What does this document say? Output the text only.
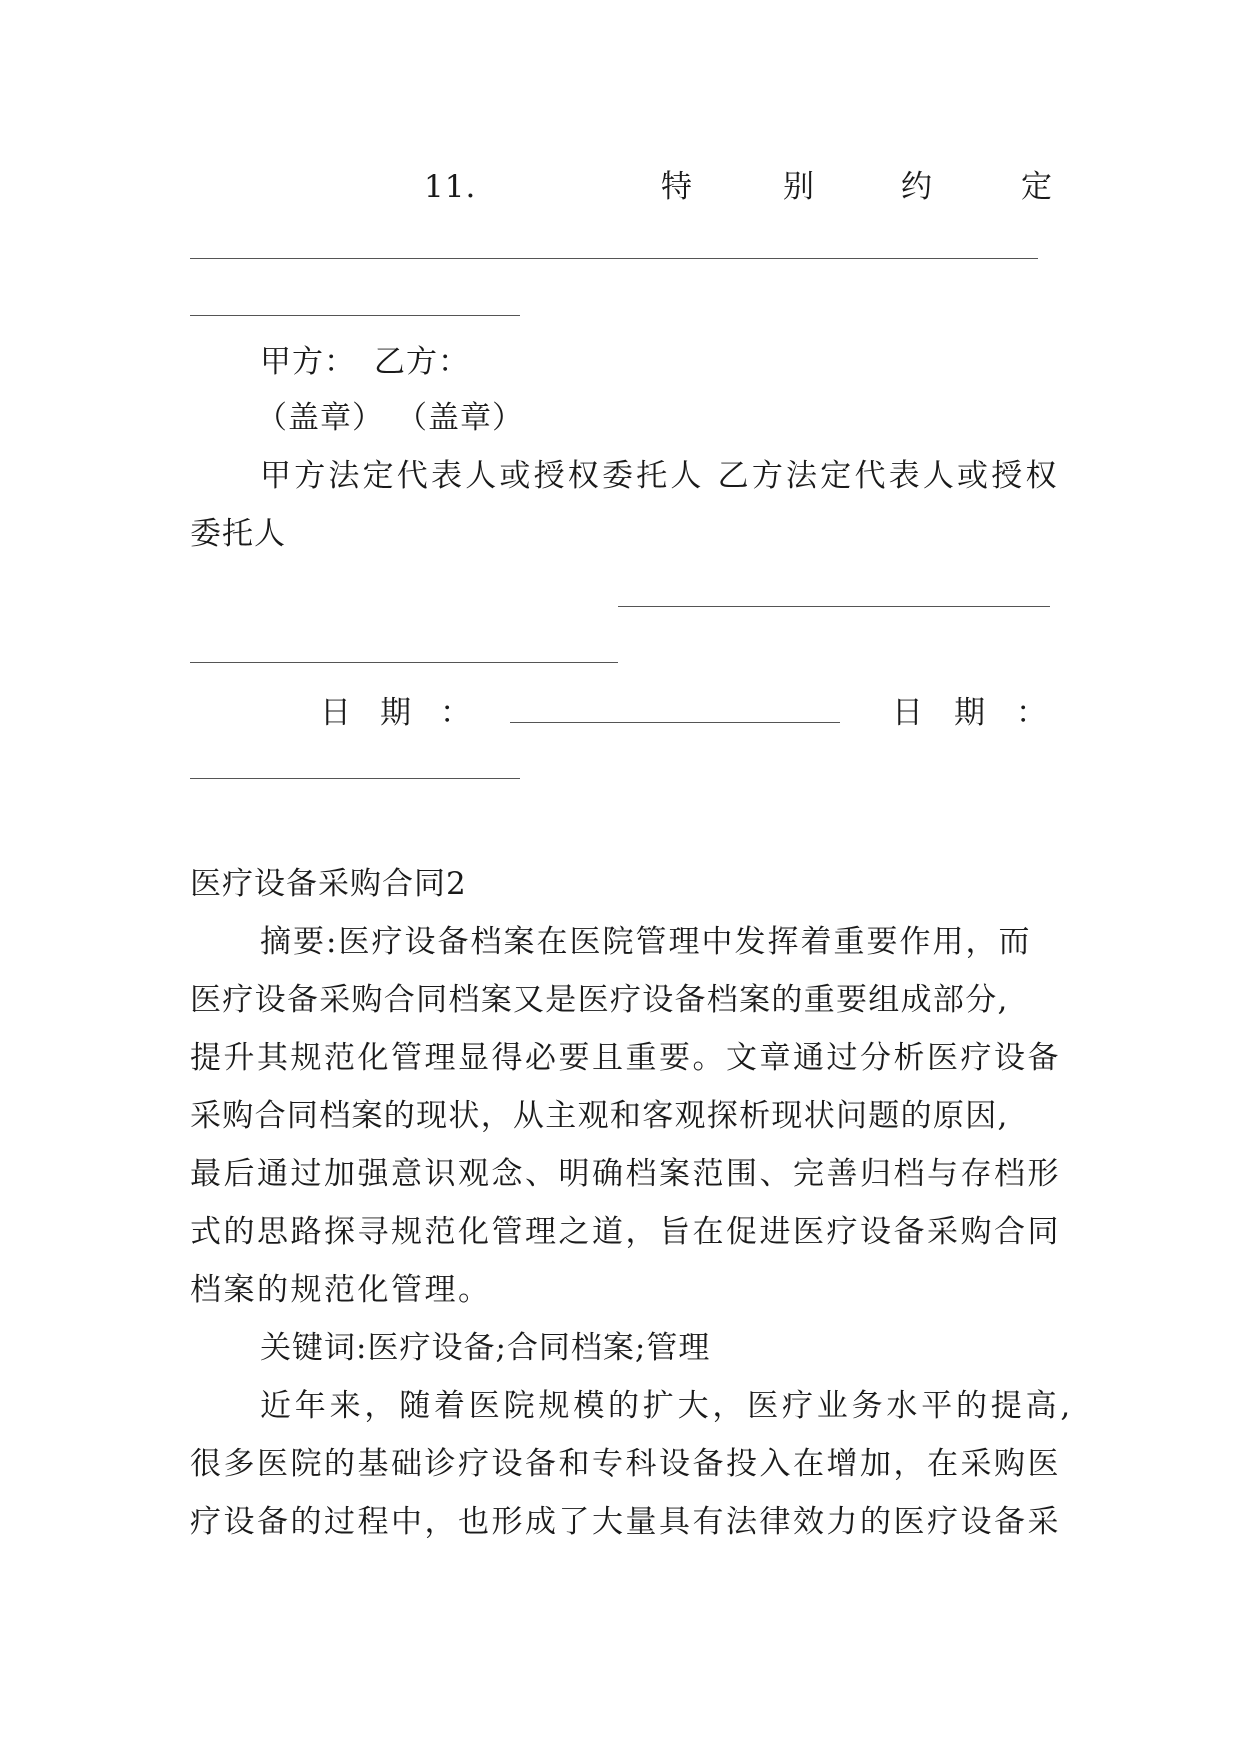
11.	特	别	约	定
甲方： 乙方：
（盖章） （盖章）
甲方法定代表人或授权委托人 乙方法定代表人或授权
委托人
日 期 ：	日 期 ：
医疗设备采购合同2
摘要:医疗设备档案在医院管理中发挥着重要作用，而
医疗设备采购合同档案又是医疗设备档案的重要组成部分,
提升其规范化管理显得必要且重要。文章通过分析医疗设备
采购合同档案的现状，从主观和客观探析现状问题的原因,
最后通过加强意识观念、明确档案范围、完善归档与存档形
式的思路探寻规范化管理之道，旨在促进医疗设备采购合同
档案的规范化管理。
关键词:医疗设备;合同档案;管理
近年来，随着医院规模的扩大，医疗业务水平的提高,
很多医院的基础诊疗设备和专科设备投入在增加，在采购医
疗设备的过程中，也形成了大量具有法律效力的医疗设备采
